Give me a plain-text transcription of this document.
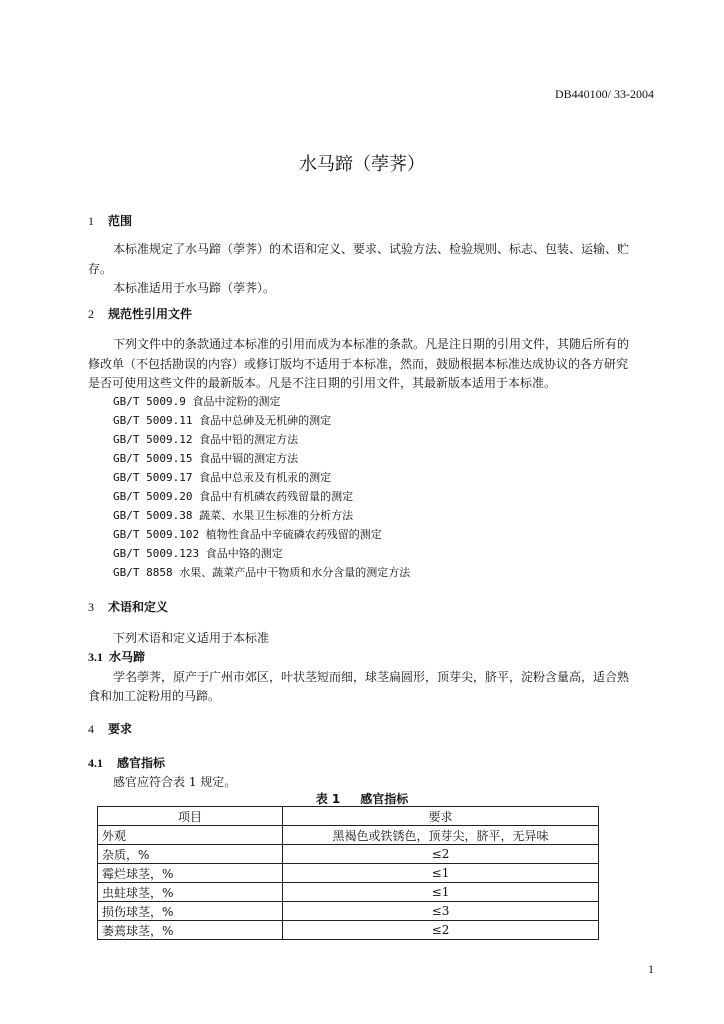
DB440100/ 33-2004
水马蹄（荸荠）
1 范围
本标准规定了水马蹄（荸荠）的术语和定义、要求、试验方法、检验规则、标志、包装、运输、贮
存。
本标准适用于水马蹄（荸荠）。
2 规范性引用文件
下列文件中的条款通过本标准的引用而成为本标准的条款。凡是注日期的引用文件，其随后所有的
修改单（不包括勘误的内容）或修订版均不适用于本标准，然而，鼓励根据本标准达成协议的各方研究
是否可使用这些文件的最新版本。凡是不注日期的引用文件，其最新版本适用于本标准。
GB/T 5009.9 食品中淀粉的测定
GB/T 5009.11 食品中总砷及无机砷的测定
GB/T 5009.12 食品中铅的测定方法
GB/T 5009.15 食品中镉的测定方法
GB/T 5009.17 食品中总汞及有机汞的测定
GB/T 5009.20 食品中有机磷农药残留量的测定
GB/T 5009.38 蔬菜、水果卫生标准的分析方法
GB/T 5009.102 植物性食品中辛硫磷农药残留的测定
GB/T 5009.123 食品中铬的测定
GB/T 8858 水果、蔬菜产品中干物质和水分含量的测定方法
3 术语和定义
下列术语和定义适用于本标准
3.1 水马蹄
学名荸荠，原产于广州市郊区，叶状茎短而细，球茎扁圆形，顶芽尖，脐平，淀粉含量高，适合熟
食和加工淀粉用的马蹄。
4 要求
4.1 感官指标
感官应符合表 1 规定。
表 1 感官指标
项目	要求
外观	黑褐色或铁锈色，顶芽尖，脐平，无异味
杂质，%	≤2
霉烂球茎，%	≤1
虫蛀球茎，%	≤1
损伤球茎，%	≤3
萎蔫球茎，%	≤2
1
